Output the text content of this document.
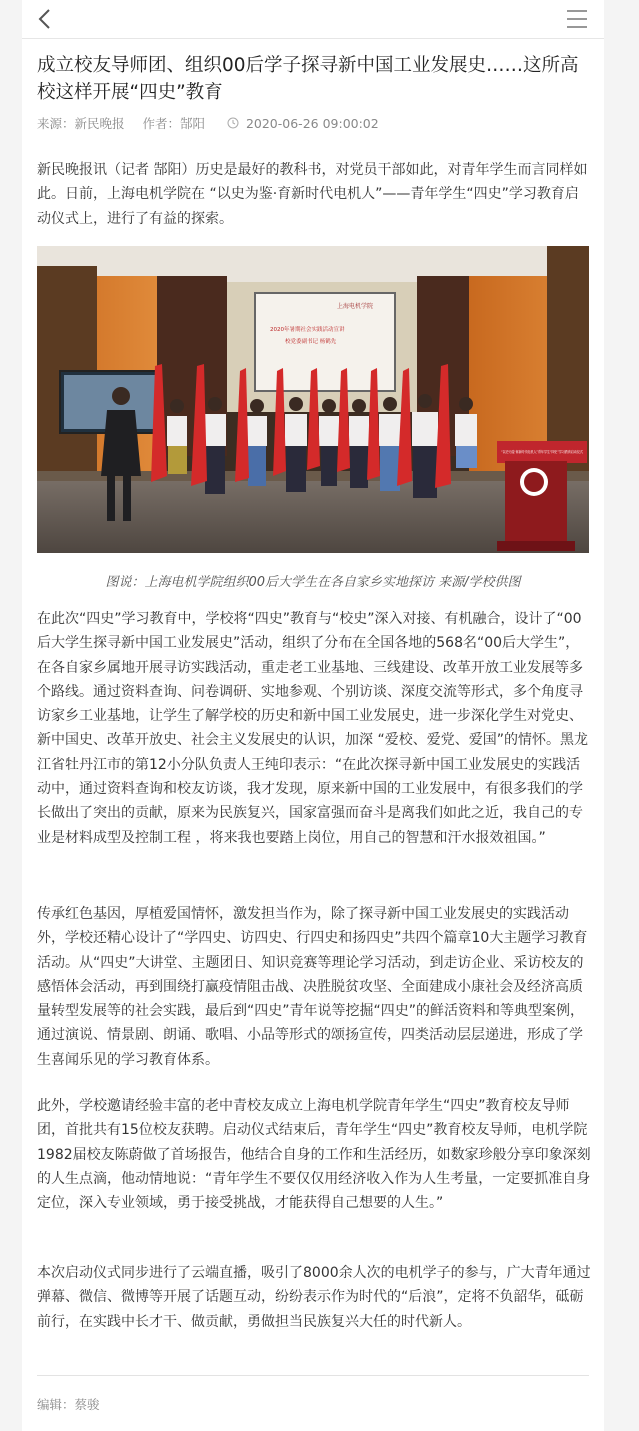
成立校友导师团、组织00后学子探寻新中国工业发展史……这所高校这样开展“四史”教育
来源：新民晚报 作者：郜阳	2020-06-26 09:00:02

新民晚报讯（记者 郜阳）历史是最好的教科书，对党员干部如此，对青年学生而言同样如此。日前，上海电机学院在 “以史为鉴·育新时代电机人”——青年学生“四史”学习教育启动仪式上，进行了有益的探索。

上海电机学院
2020年暑期社会实践活动宣讲
校党委副书记 杨鹤先
“以史为鉴·育新时代电机人”青年学生“四史”学习教育启动仪式
图说：上海电机学院组织00后大学生在各自家乡实地探访 来源/学校供图

在此次“四史”学习教育中，学校将“四史”教育与“校史”深入对接、有机融合，设计了“00后大学生探寻新中国工业发展史”活动，组织了分布在全国各地的568名“00后大学生”，在各自家乡属地开展寻访实践活动，重走老工业基地、三线建设、改革开放工业发展等多个路线。通过资料查询、问卷调研、实地参观、个别访谈、深度交流等形式，多个角度寻访家乡工业基地，让学生了解学校的历史和新中国工业发展史，进一步深化学生对党史、新中国史、改革开放史、社会主义发展史的认识，加深 “爱校、爱党、爱国”的情怀。黑龙江省牡丹江市的第12小分队负责人王纯印表示：“在此次探寻新中国工业发展史的实践活动中，通过资料查询和校友访谈，我才发现，原来新中国的工业发展中，有很多我们的学长做出了突出的贡献，原来为民族复兴，国家富强而奋斗是离我们如此之近，我自己的专业是材料成型及控制工程 ，将来我也要踏上岗位，用自己的智慧和汗水报效祖国。”

传承红色基因，厚植爱国情怀，激发担当作为，除了探寻新中国工业发展史的实践活动外，学校还精心设计了“学四史、访四史、行四史和扬四史”共四个篇章10大主题学习教育活动。从“四史”大讲堂、主题团日、知识竞赛等理论学习活动，到走访企业、采访校友的感悟体会活动，再到围绕打赢疫情阻击战、决胜脱贫攻坚、全面建成小康社会及经济高质量转型发展等的社会实践，最后到“四史”青年说等挖掘“四史”的鲜活资料和等典型案例，通过演说、情景剧、朗诵、歌唱、小品等形式的颂扬宣传，四类活动层层递进，形成了学生喜闻乐见的学习教育体系。

此外，学校邀请经验丰富的老中青校友成立上海电机学院青年学生“四史”教育校友导师团，首批共有15位校友获聘。启动仪式结束后，青年学生“四史”教育校友导师，电机学院1982届校友陈蔚做了首场报告，他结合自身的工作和生活经历，如数家珍般分享印象深刻的人生点滴，他动情地说：“青年学生不要仅仅用经济收入作为人生考量，一定要抓准自身定位，深入专业领域，勇于接受挑战，才能获得自己想要的人生。”

本次启动仪式同步进行了云端直播，吸引了8000余人次的电机学子的参与，广大青年通过弹幕、微信、微博等开展了话题互动，纷纷表示作为时代的“后浪”，定将不负韶华，砥砺前行，在实践中长才干、做贡献，勇做担当民族复兴大任的时代新人。

编辑：蔡骏
